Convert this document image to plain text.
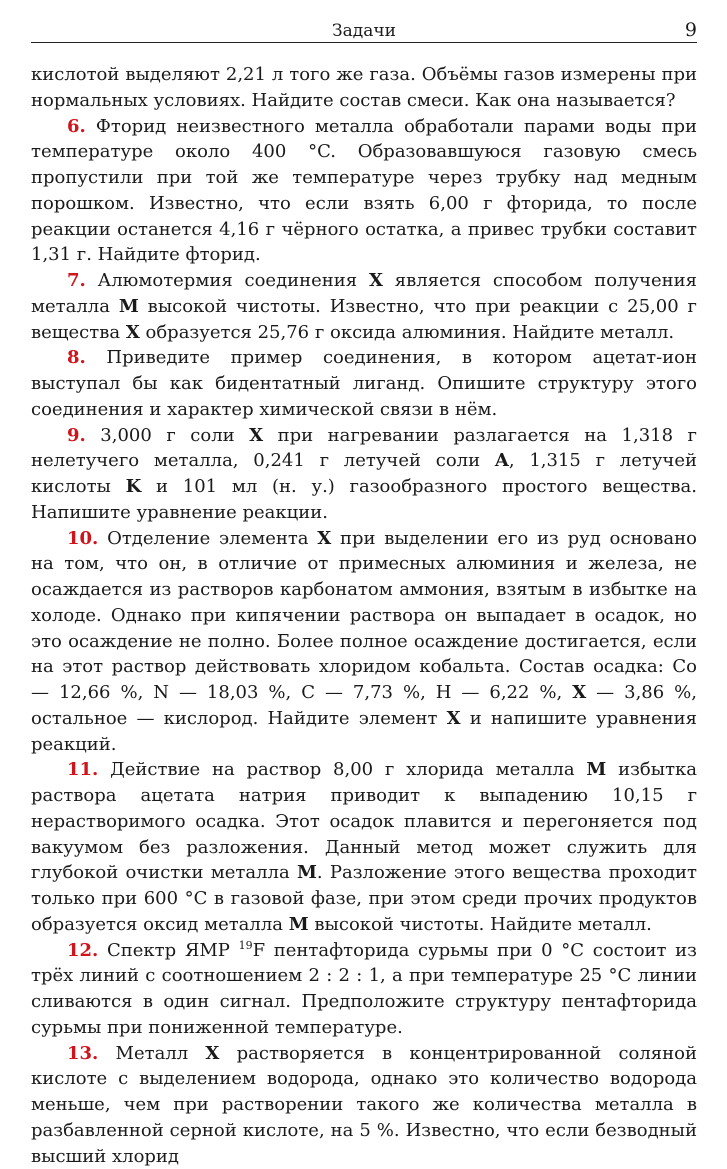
Задачи	9

кислотой выделяют 2,21 л того же газа. Объёмы газов измерены при нормальных условиях. Найдите состав смеси. Как она называется?

6. Фторид неизвестного металла обработали парами воды при температуре около 400 °C. Образовавшуюся газовую смесь пропустили при той же температуре через трубку над медным порошком. Известно, что если взять 6,00 г фторида, то после реакции останется 4,16 г чёрного остатка, а привес трубки составит 1,31 г. Найдите фторид.

7. Алюмотермия соединения X является способом получения металла M высокой чистоты. Известно, что при реакции с 25,00 г вещества X образуется 25,76 г оксида алюминия. Найдите металл.

8. Приведите пример соединения, в котором ацетат-ион выступал бы как бидентатный лиганд. Опишите структуру этого соединения и характер химической связи в нём.

9. 3,000 г соли X при нагревании разлагается на 1,318 г нелетучего металла, 0,241 г летучей соли A, 1,315 г летучей кислоты K и 101 мл (н. у.) газообразного простого вещества. Напишите уравнение реакции.

10. Отделение элемента X при выделении его из руд основано на том, что он, в отличие от примесных алюминия и железа, не осаждается из растворов карбонатом аммония, взятым в избытке на холоде. Однако при кипячении раствора он выпадает в осадок, но это осаждение не полно. Более полное осаждение достигается, если на этот раствор действовать хлоридом кобальта. Состав осадка: Co — 12,66 %, N — 18,03 %, C — 7,73 %, H — 6,22 %, X — 3,86 %, остальное — кислород. Найдите элемент X и напишите уравнения реакций.

11. Действие на раствор 8,00 г хлорида металла M избытка раствора ацетата натрия приводит к выпадению 10,15 г нерастворимого осадка. Этот осадок плавится и перегоняется под вакуумом без разложения. Данный метод может служить для глубокой очистки металла M. Разложение этого вещества проходит только при 600 °C в газовой фазе, при этом среди прочих продуктов образуется оксид металла M высокой чистоты. Найдите металл.

12. Спектр ЯМР $^{19}$F пентафторида сурьмы при 0 °C состоит из трёх линий с соотношением 2 : 2 : 1, а при температуре 25 °C линии сливаются в один сигнал. Предположите структуру пентафторида сурьмы при пониженной температуре.

13. Металл X растворяется в концентрированной соляной кислоте с выделением водорода, однако это количество водорода меньше, чем при растворении такого же количества металла в разбавленной серной кислоте, на 5 %. Известно, что если безводный высший хлорид
